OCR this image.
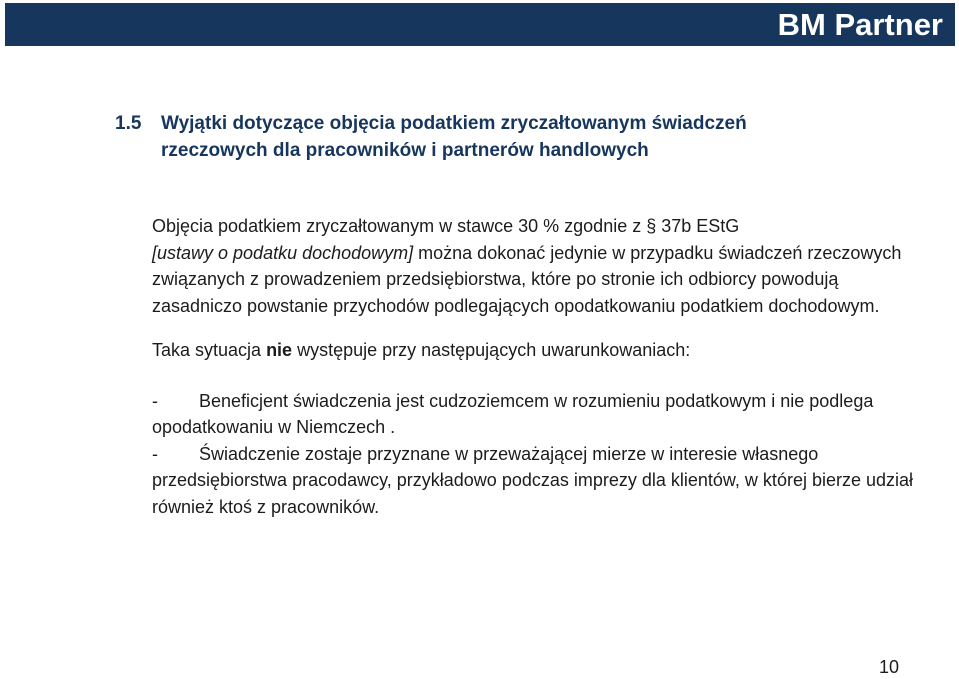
BM Partner
1.5 Wyjątki dotyczące objęcia podatkiem zryczałtowanym świadczeń
rzeczowych dla pracowników i partnerów handlowych

Objęcia podatkiem zryczałtowanym w stawce 30 % zgodnie z § 37b EStG
[ustawy o podatku dochodowym] można dokonać jedynie w przypadku świadczeń rzeczowych związanych z prowadzeniem przedsiębiorstwa, które po stronie ich odbiorcy powodują zasadniczo powstanie przychodów podlegających opodatkowaniu podatkiem dochodowym.

Taka sytuacja nie występuje przy następujących uwarunkowaniach:

- Beneficjent świadczenia jest cudzoziemcem w rozumieniu podatkowym i nie podlega opodatkowaniu w Niemczech .

- Świadczenie zostaje przyznane w przeważającej mierze w interesie własnego przedsiębiorstwa pracodawcy, przykładowo podczas imprezy dla klientów, w której bierze udział również ktoś z pracowników.

10
